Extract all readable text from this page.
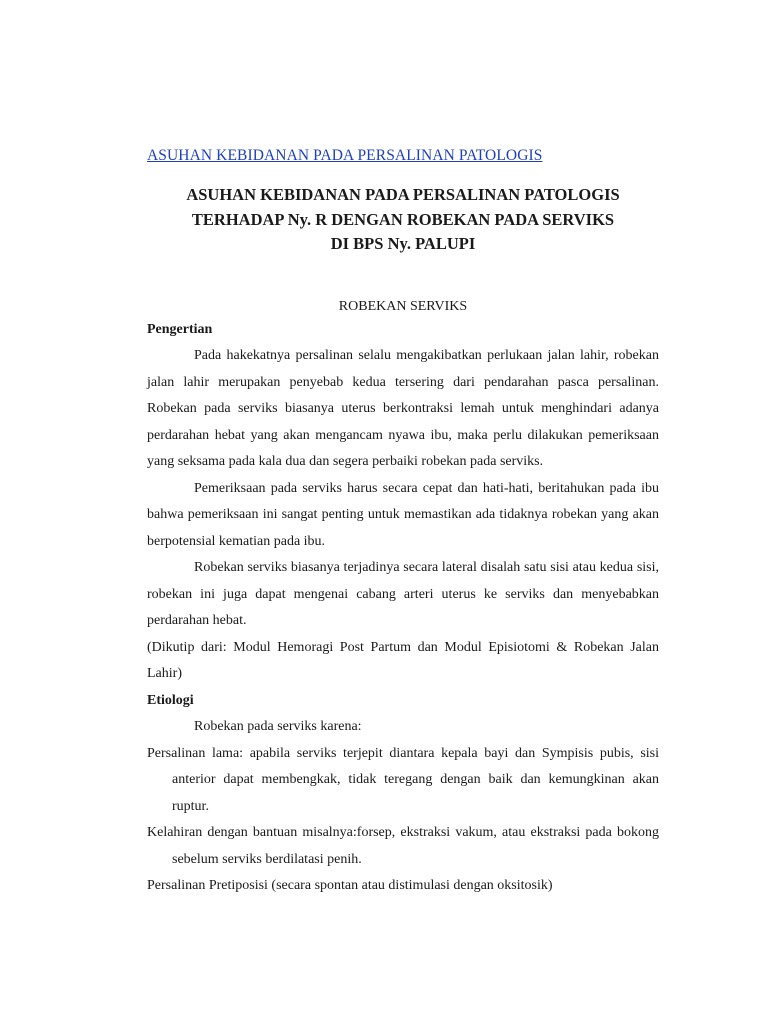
ASUHAN KEBIDANAN PADA PERSALINAN PATOLOGIS
ASUHAN KEBIDANAN PADA PERSALINAN PATOLOGIS
TERHADAP Ny. R DENGAN ROBEKAN PADA SERVIKS
DI BPS Ny. PALUPI
ROBEKAN SERVIKS
Pengertian

Pada hakekatnya persalinan selalu mengakibatkan perlukaan jalan lahir, robekan jalan lahir merupakan penyebab kedua tersering dari pendarahan pasca persalinan. Robekan pada serviks biasanya uterus berkontraksi lemah untuk menghindari adanya perdarahan hebat yang akan mengancam nyawa ibu, maka perlu dilakukan pemeriksaan yang seksama pada kala dua dan segera perbaiki robekan pada serviks.

Pemeriksaan pada serviks harus secara cepat dan hati-hati, beritahukan pada ibu bahwa pemeriksaan ini sangat penting untuk memastikan ada tidaknya robekan yang akan berpotensial kematian pada ibu.

Robekan serviks biasanya terjadinya secara lateral disalah satu sisi atau kedua sisi, robekan ini juga dapat mengenai cabang arteri uterus ke serviks dan menyebabkan perdarahan hebat.

(Dikutip dari: Modul Hemoragi Post Partum dan Modul Episiotomi & Robekan Jalan Lahir)

Etiologi

Robekan pada serviks karena:

Persalinan lama: apabila serviks terjepit diantara kepala bayi dan Sympisis pubis, sisi anterior dapat membengkak, tidak teregang dengan baik dan kemungkinan akan ruptur.

Kelahiran dengan bantuan misalnya:forsep, ekstraksi vakum, atau ekstraksi pada bokong sebelum serviks berdilatasi penih.

Persalinan Pretiposisi (secara spontan atau distimulasi dengan oksitosik)
